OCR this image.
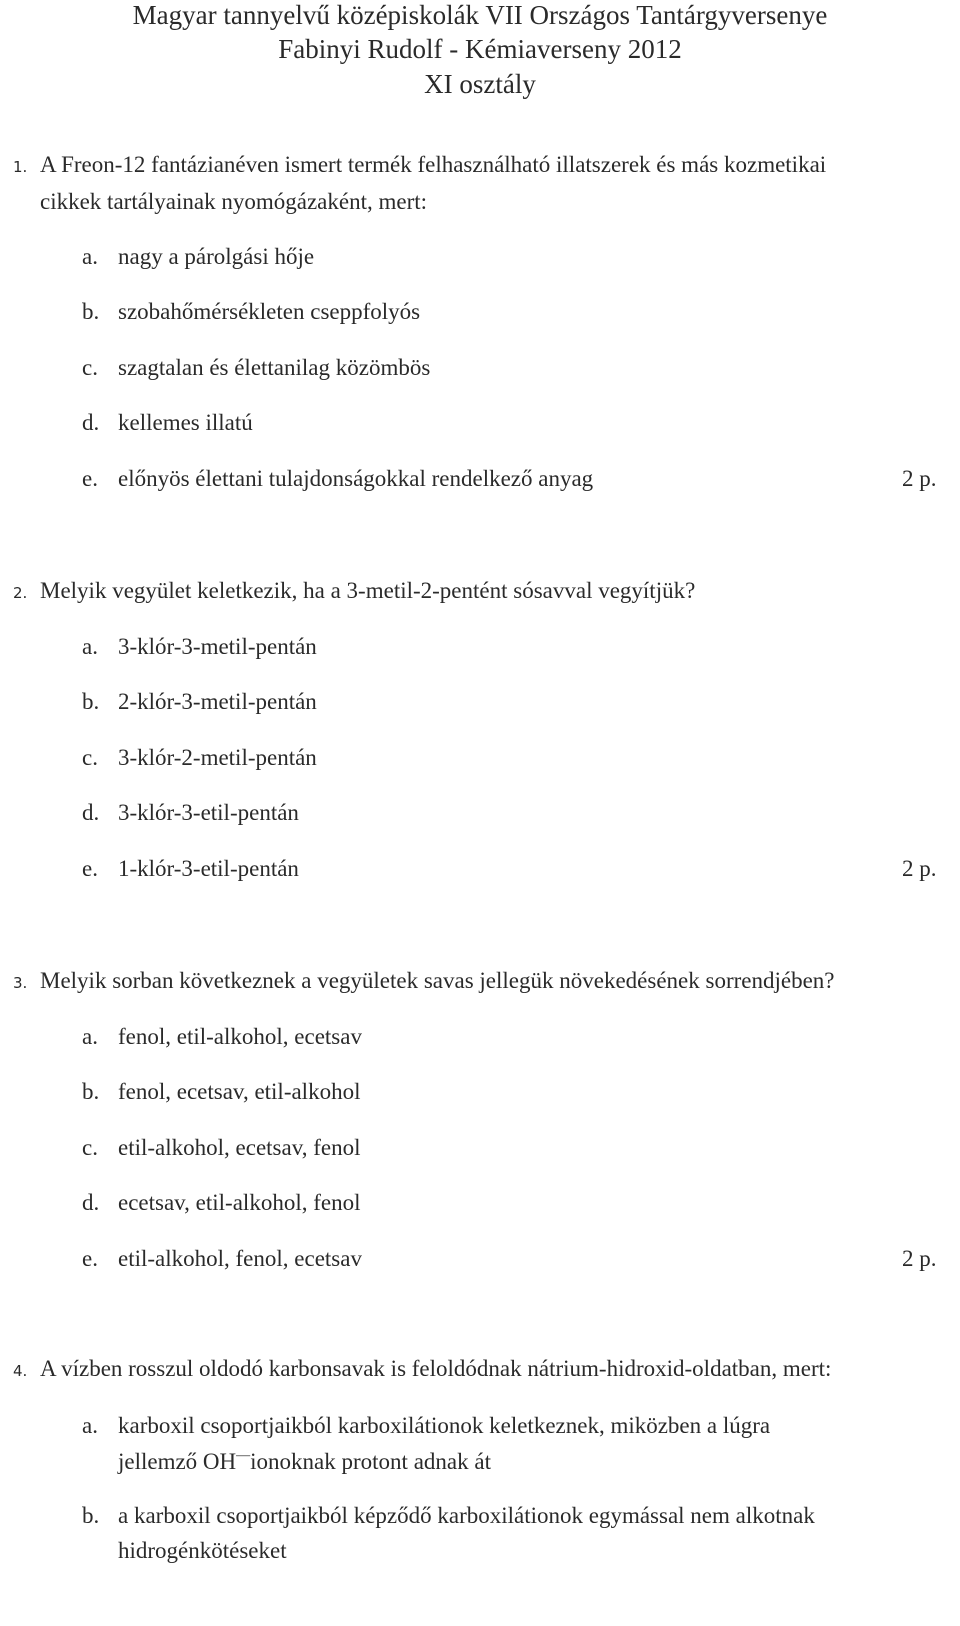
Magyar tannyelvű középiskolák VII Országos Tantárgyversenye
Fabinyi Rudolf - Kémiaverseny 2012
XI osztály
1. A Freon-12 fantázianéven ismert termék felhasználható illatszerek és más kozmetikai
cikkek tartályainak nyomógázaként, mert:
a. nagy a párolgási hője
b. szobahőmérsékleten cseppfolyós
c. szagtalan és élettanilag közömbös
d. kellemes illatú
e. előnyös élettani tulajdonságokkal rendelkező anyag	2 p.
2. Melyik vegyület keletkezik, ha a 3-metil-2-pentént sósavval vegyítjük?
a. 3-klór-3-metil-pentán
b. 2-klór-3-metil-pentán
c. 3-klór-2-metil-pentán
d. 3-klór-3-etil-pentán
e. 1-klór-3-etil-pentán	2 p.
3. Melyik sorban következnek a vegyületek savas jellegük növekedésének sorrendjében?
a. fenol, etil-alkohol, ecetsav
b. fenol, ecetsav, etil-alkohol
c. etil-alkohol, ecetsav, fenol
d. ecetsav, etil-alkohol, fenol
e. etil-alkohol, fenol, ecetsav	2 p.
4. A vízben rosszul oldodó karbonsavak is feloldódnak nátrium-hidroxid-oldatban, mert:
a. karboxil csoportjaikból karboxilátionok keletkeznek, miközben a lúgra
jellemző OH—ionoknak protont adnak át
b. a karboxil csoportjaikból képződő karboxilátionok egymással nem alkotnak
hidrogénkötéseket
